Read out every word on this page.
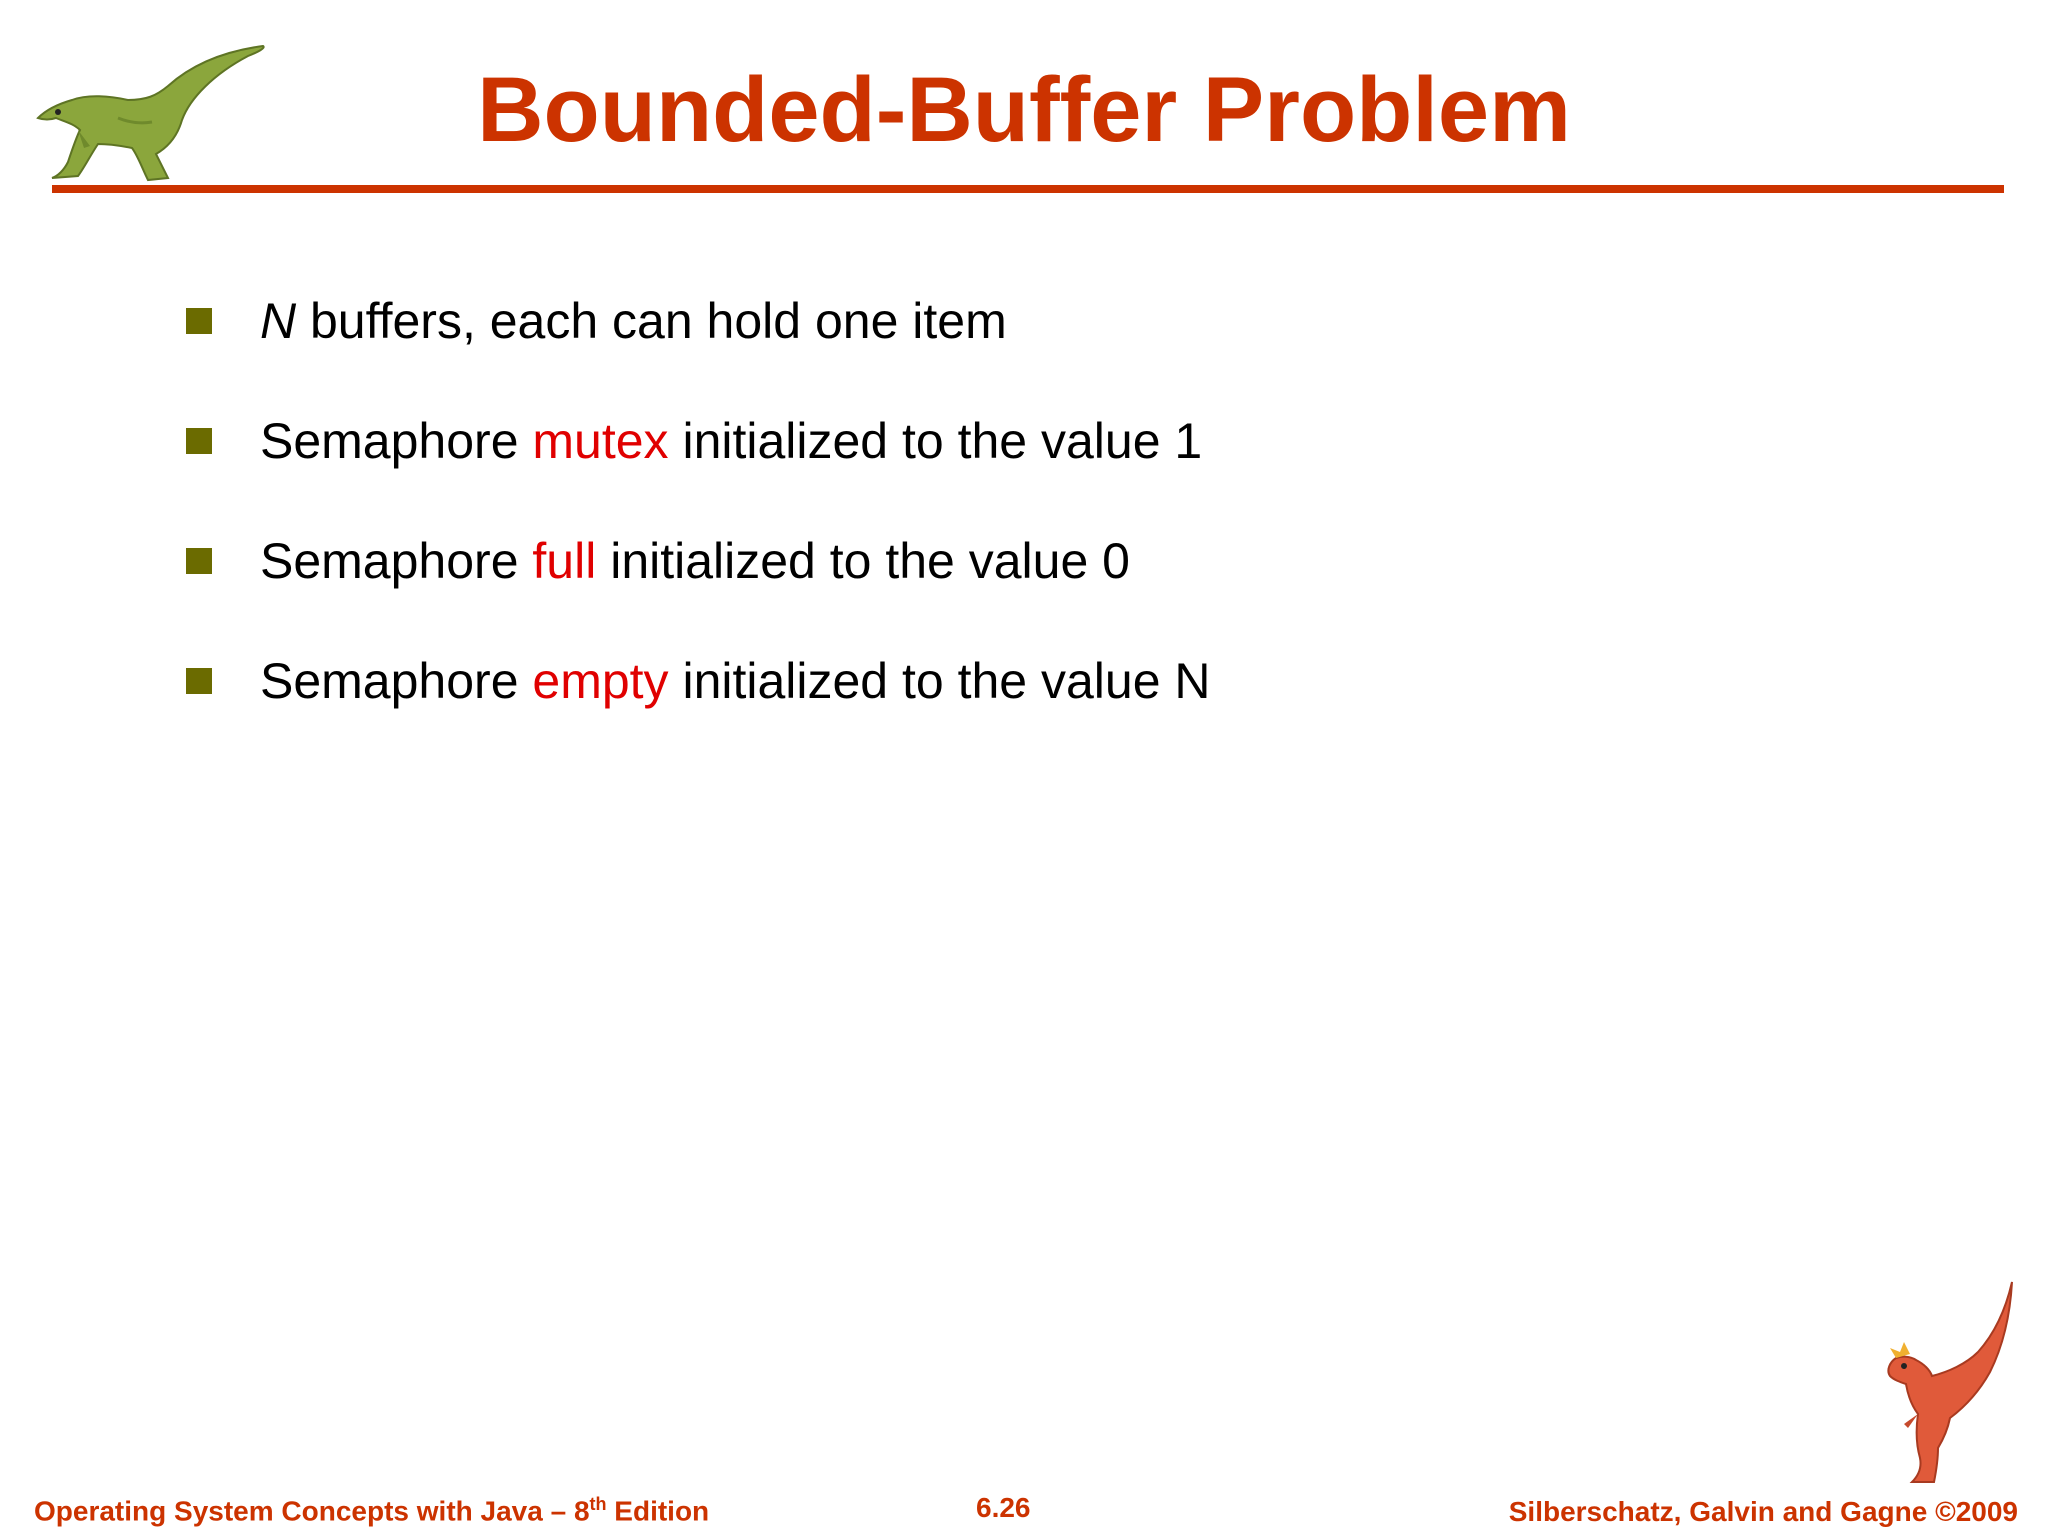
Bounded-Buffer Problem
N buffers, each can hold one item
Semaphore mutex initialized to the value 1
Semaphore full initialized to the value 0
Semaphore empty initialized to the value N
Operating System Concepts with Java – 8th Edition	6.26	Silberschatz, Galvin and Gagne ©2009
